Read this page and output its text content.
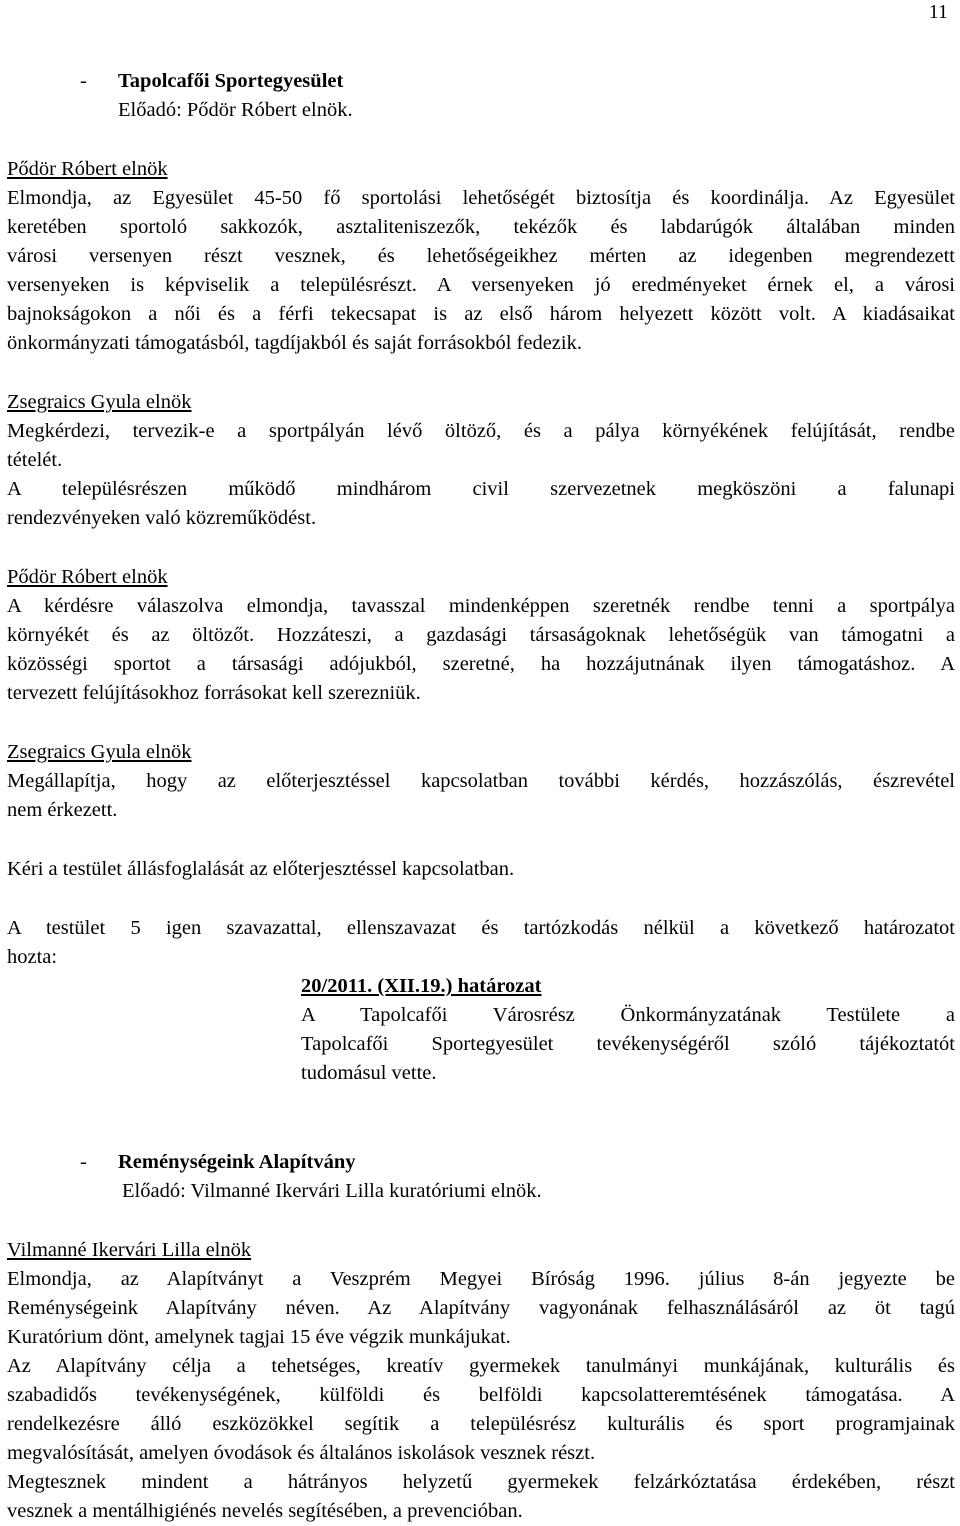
11
- Tapolcafői Sportegyesület
Előadó: Pődör Róbert elnök.
Pődör Róbert elnök
Elmondja, az Egyesület 45-50 fő sportolási lehetőségét biztosítja és koordinálja. Az Egyesület
keretében sportoló sakkozók, asztaliteniszezők, tekézők és labdarúgók általában minden
városi versenyen részt vesznek, és lehetőségeikhez mérten az idegenben megrendezett
versenyeken is képviselik a településrészt. A versenyeken jó eredményeket érnek el, a városi
bajnokságokon a női és a férfi tekecsapat is az első három helyezett között volt. A kiadásaikat
önkormányzati támogatásból, tagdíjakból és saját forrásokból fedezik.
Zsegraics Gyula elnök
Megkérdezi, tervezik-e a sportpályán lévő öltöző, és a pálya környékének felújítását, rendbe
tételét.
A településrészen működő mindhárom civil szervezetnek megköszöni a falunapi
rendezvényeken való közreműködést.
Pődör Róbert elnök
A kérdésre válaszolva elmondja, tavasszal mindenképpen szeretnék rendbe tenni a sportpálya
környékét és az öltözőt. Hozzáteszi, a gazdasági társaságoknak lehetőségük van támogatni a
közösségi sportot a társasági adójukból, szeretné, ha hozzájutnának ilyen támogatáshoz. A
tervezett felújításokhoz forrásokat kell szerezniük.
Zsegraics Gyula elnök
Megállapítja, hogy az előterjesztéssel kapcsolatban további kérdés, hozzászólás, észrevétel
nem érkezett.
Kéri a testület állásfoglalását az előterjesztéssel kapcsolatban.
A testület 5 igen szavazattal, ellenszavazat és tartózkodás nélkül a következő határozatot
hozta:
20/2011. (XII.19.) határozat
A Tapolcafői Városrész Önkormányzatának Testülete a
Tapolcafői Sportegyesület tevékenységéről szóló tájékoztatót
tudomásul vette.
- Reménységeink Alapítvány
Előadó: Vilmanné Ikervári Lilla kuratóriumi elnök.
Vilmanné Ikervári Lilla elnök
Elmondja, az Alapítványt a Veszprém Megyei Bíróság 1996. július 8-án jegyezte be
Reménységeink Alapítvány néven. Az Alapítvány vagyonának felhasználásáról az öt tagú
Kuratórium dönt, amelynek tagjai 15 éve végzik munkájukat.
Az Alapítvány célja a tehetséges, kreatív gyermekek tanulmányi munkájának, kulturális és
szabadidős tevékenységének, külföldi és belföldi kapcsolatteremtésének támogatása. A
rendelkezésre álló eszközökkel segítik a településrész kulturális és sport programjainak
megvalósítását, amelyen óvodások és általános iskolások vesznek részt.
Megtesznek mindent a hátrányos helyzetű gyermekek felzárkóztatása érdekében, részt
vesznek a mentálhigiénés nevelés segítésében, a prevencióban.
